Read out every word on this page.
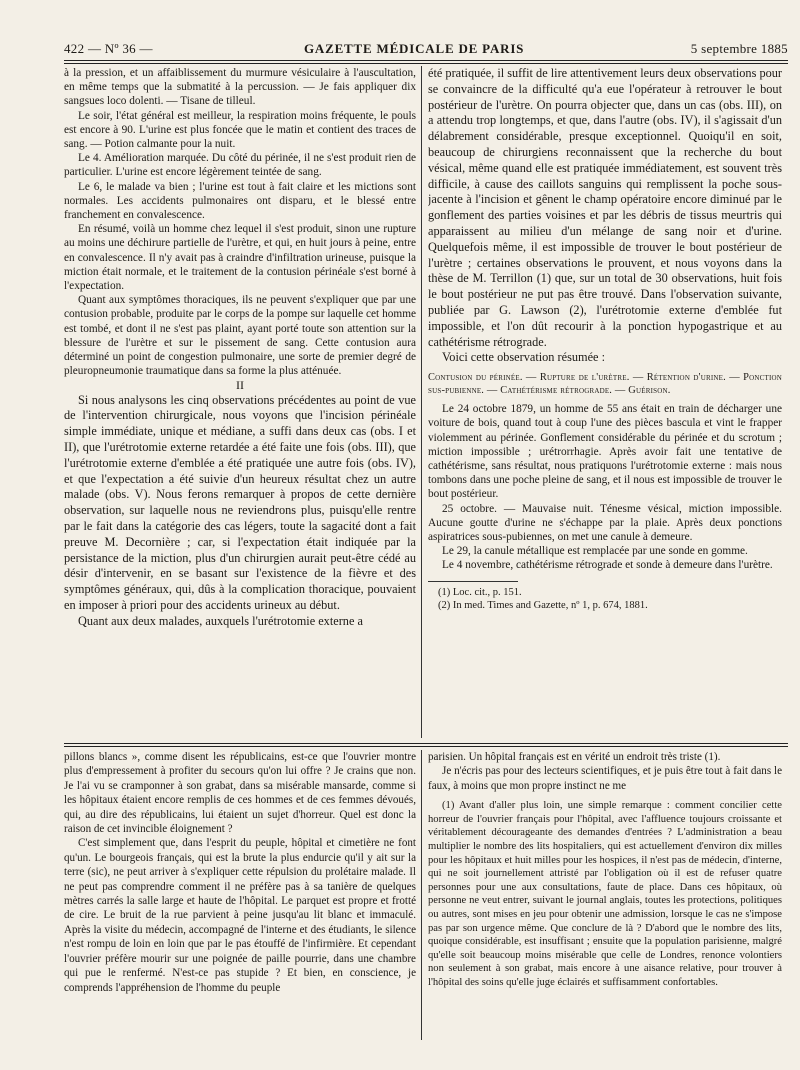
422 — Nº 36 —	GAZETTE MÉDICALE DE PARIS	5 septembre 1885

à la pression, et un affaiblissement du murmure vésiculaire à l'auscultation, en même temps que la submatité à la percussion. — Je fais appliquer dix sangsues loco dolenti. — Tisane de tilleul.

Le soir, l'état général est meilleur, la respiration moins fréquente, le pouls est encore à 90. L'urine est plus foncée que le matin et contient des traces de sang. — Potion calmante pour la nuit.

Le 4. Amélioration marquée. Du côté du périnée, il ne s'est produit rien de particulier. L'urine est encore légèrement teintée de sang.

Le 6, le malade va bien ; l'urine est tout à fait claire et les mictions sont normales. Les accidents pulmonaires ont disparu, et le blessé entre franchement en convalescence.

En résumé, voilà un homme chez lequel il s'est produit, sinon une rupture au moins une déchirure partielle de l'urètre, et qui, en huit jours à peine, entre en convalescence. Il n'y avait pas à craindre d'infiltration urineuse, puisque la miction était normale, et le traitement de la contusion périnéale s'est borné à l'expectation.

Quant aux symptômes thoraciques, ils ne peuvent s'expliquer que par une contusion probable, produite par le corps de la pompe sur laquelle cet homme est tombé, et dont il ne s'est pas plaint, ayant porté toute son attention sur la blessure de l'urètre et sur le pissement de sang. Cette contusion aura déterminé un point de congestion pulmonaire, une sorte de premier degré de pleuropneumonie traumatique dans sa forme la plus atténuée.

II

Si nous analysons les cinq observations précédentes au point de vue de l'intervention chirurgicale, nous voyons que l'incision périnéale simple immédiate, unique et médiane, a suffi dans deux cas (obs. I et II), que l'urétrotomie externe retardée a été faite une fois (obs. III), que l'urétrotomie externe d'emblée a été pratiquée une autre fois (obs. IV), et que l'expectation a été suivie d'un heureux résultat chez un autre malade (obs. V). Nous ferons remarquer à propos de cette dernière observation, sur laquelle nous ne reviendrons plus, puisqu'elle rentre par le fait dans la catégorie des cas légers, toute la sagacité dont a fait preuve M. Decornière ; car, si l'expectation était indiquée par la persistance de la miction, plus d'un chirurgien aurait peut-être cédé au désir d'intervenir, en se basant sur l'existence de la fièvre et des symptômes généraux, qui, dûs à la complication thoracique, pouvaient en imposer à priori pour des accidents urineux au début.

Quant aux deux malades, auxquels l'urétrotomie externe a

été pratiquée, il suffit de lire attentivement leurs deux observations pour se convaincre de la difficulté qu'a eue l'opérateur à retrouver le bout postérieur de l'urètre. On pourra objecter que, dans un cas (obs. III), on a attendu trop longtemps, et que, dans l'autre (obs. IV), il s'agissait d'un délabrement considérable, presque exceptionnel. Quoiqu'il en soit, beaucoup de chirurgiens reconnaissent que la recherche du bout vésical, même quand elle est pratiquée immédiatement, est souvent très difficile, à cause des caillots sanguins qui remplissent la poche sous-jacente à l'incision et gênent le champ opératoire encore diminué par le gonflement des parties voisines et par les débris de tissus meurtris qui apparaissent au milieu d'un mélange de sang noir et d'urine. Quelquefois même, il est impossible de trouver le bout postérieur de l'urètre ; certaines observations le prouvent, et nous voyons dans la thèse de M. Terrillon (1) que, sur un total de 30 observations, huit fois le bout postérieur ne put pas être trouvé. Dans l'observation suivante, publiée par G. Lawson (2), l'urétrotomie externe d'emblée fut impossible, et l'on dût recourir à la ponction hypogastrique et au cathétérisme rétrograde.

Voici cette observation résumée :

Contusion du périnée. — Rupture de l'urètre. — Rétention d'urine. — Ponction sus-pubienne. — Cathétérisme rétrograde. — Guérison.

Le 24 octobre 1879, un homme de 55 ans était en train de décharger une voiture de bois, quand tout à coup l'une des pièces bascula et vint le frapper violemment au périnée. Gonflement considérable du périnée et du scrotum ; miction impossible ; urétrorrhagie. Après avoir fait une tentative de cathétérisme, sans résultat, nous pratiquons l'urétrotomie externe : mais nous tombons dans une poche pleine de sang, et il nous est impossible de trouver le bout postérieur.

25 octobre. — Mauvaise nuit. Ténesme vésical, miction impossible. Aucune goutte d'urine ne s'échappe par la plaie. Après deux ponctions aspiratrices sous-pubiennes, on met une canule à demeure.

Le 29, la canule métallique est remplacée par une sonde en gomme.

Le 4 novembre, cathétérisme rétrograde et sonde à demeure dans l'urètre.

(1) Loc. cit., p. 151.

(2) In med. Times and Gazette, nº 1, p. 674, 1881.

pillons blancs », comme disent les républicains, est-ce que l'ouvrier montre plus d'empressement à profiter du secours qu'on lui offre ? Je crains que non. Je l'ai vu se cramponner à son grabat, dans sa misérable mansarde, comme si les hôpitaux étaient encore remplis de ces hommes et de ces femmes dévoués, qui, au dire des républicains, lui étaient un sujet d'horreur. Quel est donc la raison de cet invincible éloignement ?

C'est simplement que, dans l'esprit du peuple, hôpital et cimetière ne font qu'un. Le bourgeois français, qui est la brute la plus endurcie qu'il y ait sur la terre (sic), ne peut arriver à s'expliquer cette répulsion du prolétaire malade. Il ne peut pas comprendre comment il ne préfère pas à sa tanière de quelques mètres carrés la salle large et haute de l'hôpital. Le parquet est propre et frotté de cire. Le bruit de la rue parvient à peine jusqu'au lit blanc et immaculé. Après la visite du médecin, accompagné de l'interne et des étudiants, le silence n'est rompu de loin en loin que par le pas étouffé de l'infirmière. Et cependant l'ouvrier préfère mourir sur une poignée de paille pourrie, dans une chambre qui pue le renfermé. N'est-ce pas stupide ? Et bien, en conscience, je comprends l'appréhension de l'homme du peuple

parisien. Un hôpital français est en vérité un endroit très triste (1).

Je n'écris pas pour des lecteurs scientifiques, et je puis être tout à fait dans le faux, à moins que mon propre instinct ne me

(1) Avant d'aller plus loin, une simple remarque : comment concilier cette horreur de l'ouvrier français pour l'hôpital, avec l'affluence toujours croissante et véritablement décourageante des demandes d'entrées ? L'administration a beau multiplier le nombre des lits hospitaliers, qui est actuellement d'environ dix milles pour les hôpitaux et huit milles pour les hospices, il n'est pas de médecin, d'interne, qui ne soit journellement attristé par l'obligation où il est de refuser quatre personnes pour une aux consultations, faute de place. Dans ces hôpitaux, où personne ne veut entrer, suivant le journal anglais, toutes les protections, politiques ou autres, sont mises en jeu pour obtenir une admission, lorsque le cas ne s'impose pas par son urgence même. Que conclure de là ? D'abord que le nombre des lits, quoique considérable, est insuffisant ; ensuite que la population parisienne, malgré qu'elle soit beaucoup moins misérable que celle de Londres, renonce volontiers non seulement à son grabat, mais encore à une aisance relative, pour trouver à l'hôpital des soins qu'elle juge éclairés et suffisamment confortables.
